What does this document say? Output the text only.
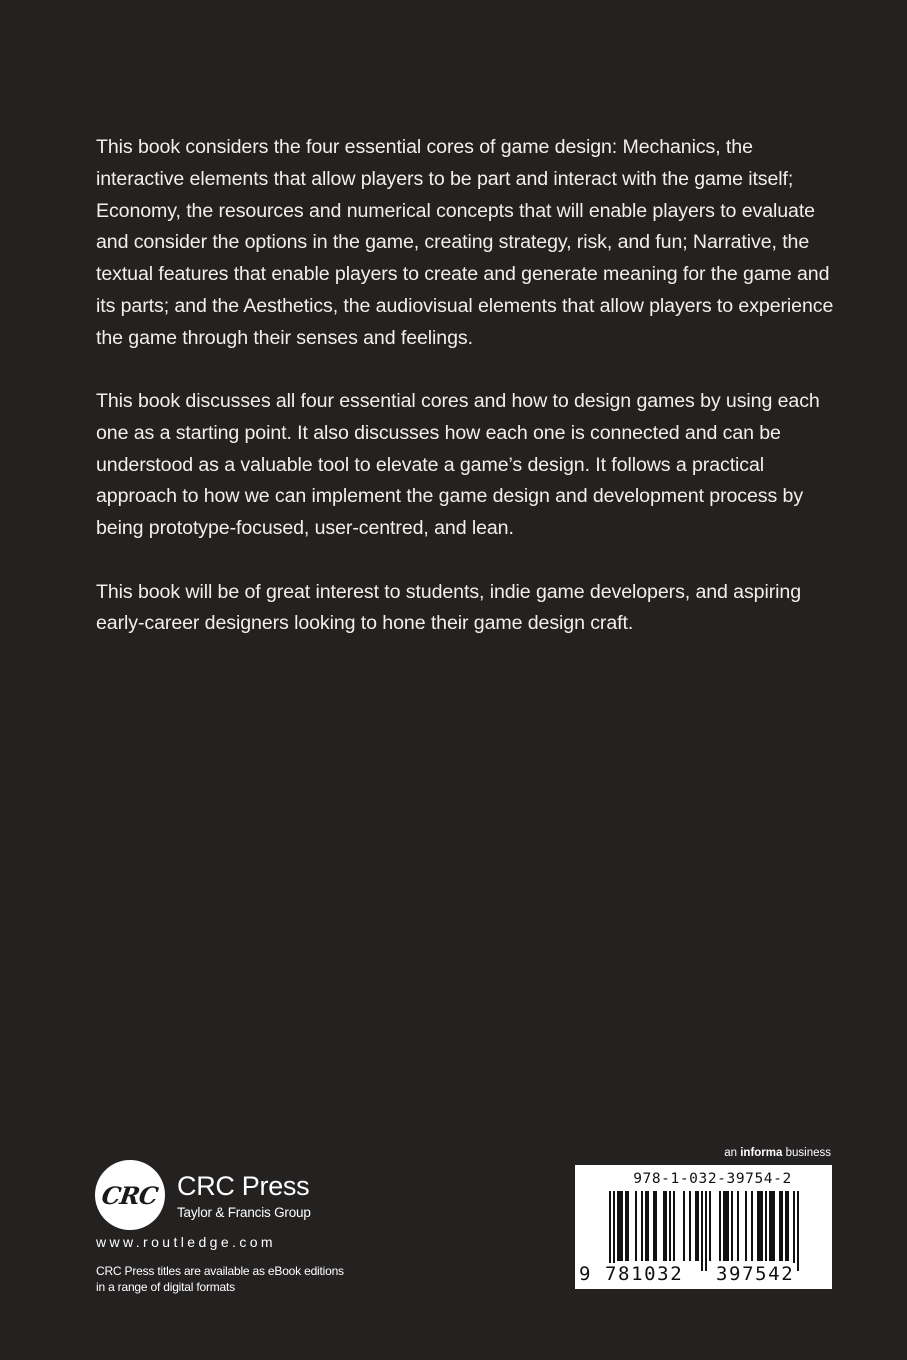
This book considers the four essential cores of game design: Mechanics, the interactive elements that allow players to be part and interact with the game itself; Economy, the resources and numerical concepts that will enable players to evaluate and consider the options in the game, creating strategy, risk, and fun; Narrative, the textual features that enable players to create and generate meaning for the game and its parts; and the Aesthetics, the audiovisual elements that allow players to experience the game through their senses and feelings.

This book discusses all four essential cores and how to design games by using each one as a starting point. It also discusses how each one is connected and can be understood as a valuable tool to elevate a game’s design. It follows a practical approach to how we can implement the game design and development process by being prototype-focused, user-centred, and lean.

This book will be of great interest to students, indie game developers, and aspiring early-career designers looking to hone their game design craft.

CRC CRC Press
Taylor & Francis Group
www.routledge.com
CRC Press titles are available as eBook editions
in a range of digital formats
an informa business
978-1-032-39754-2
9 781032 397542
